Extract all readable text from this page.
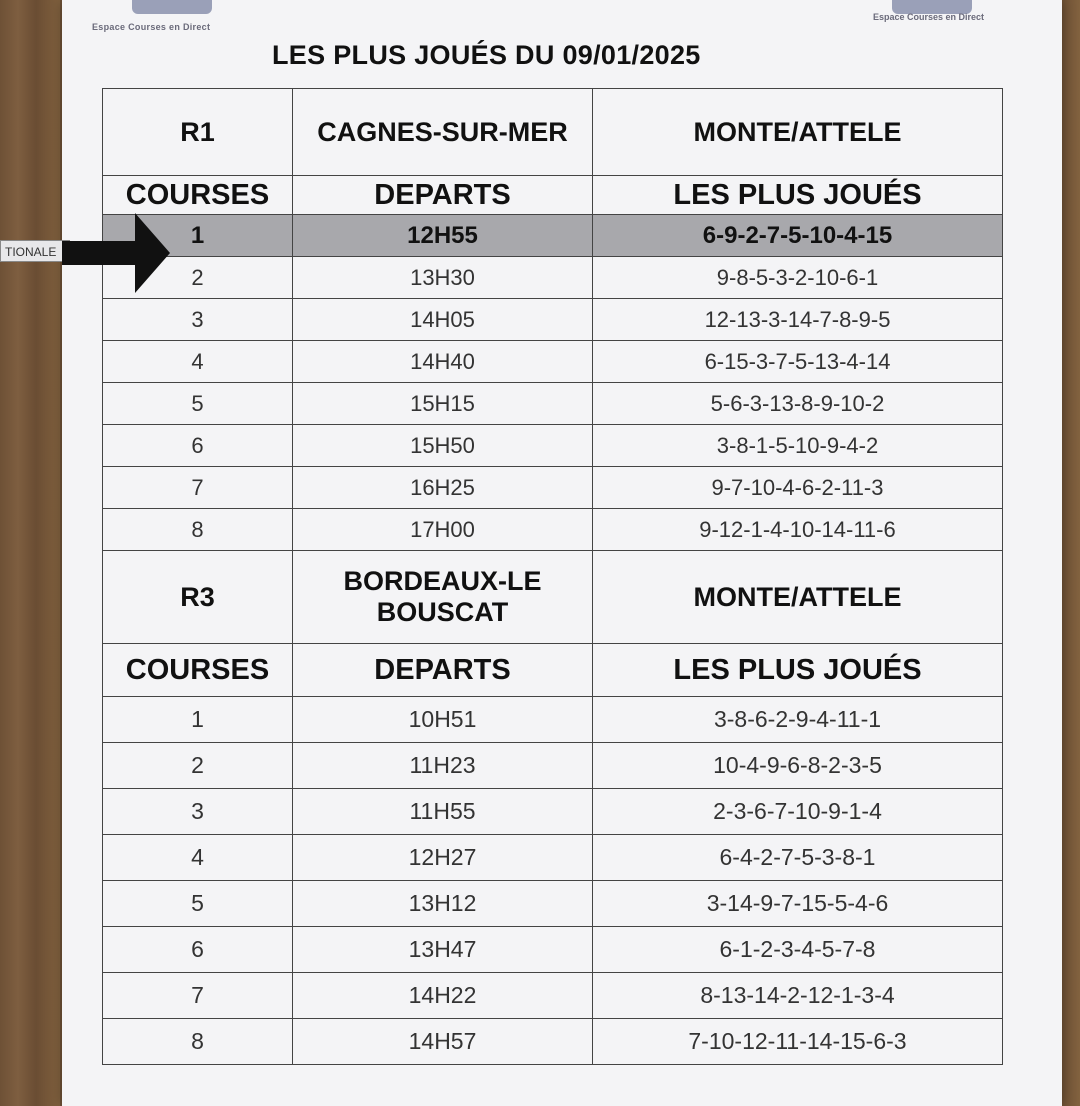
Espace Courses en Direct
Espace Courses en Direct
LES PLUS JOUÉS DU 09/01/2025
R1	CAGNES-SUR-MER	MONTE/ATTELE
COURSES	DEPARTS	LES PLUS JOUÉS
1	12H55	6-9-2-7-5-10-4-15
2	13H30	9-8-5-3-2-10-6-1
3	14H05	12-13-3-14-7-8-9-5
4	14H40	6-15-3-7-5-13-4-14
5	15H15	5-6-3-13-8-9-10-2
6	15H50	3-8-1-5-10-9-4-2
7	16H25	9-7-10-4-6-2-11-3
8	17H00	9-12-1-4-10-14-11-6
R3	BORDEAUX-LE BOUSCAT	MONTE/ATTELE
COURSES	DEPARTS	LES PLUS JOUÉS
1	10H51	3-8-6-2-9-4-11-1
2	11H23	10-4-9-6-8-2-3-5
3	11H55	2-3-6-7-10-9-1-4
4	12H27	6-4-2-7-5-3-8-1
5	13H12	3-14-9-7-15-5-4-6
6	13H47	6-1-2-3-4-5-7-8
7	14H22	8-13-14-2-12-1-3-4
8	14H57	7-10-12-11-14-15-6-3
TIONALE
